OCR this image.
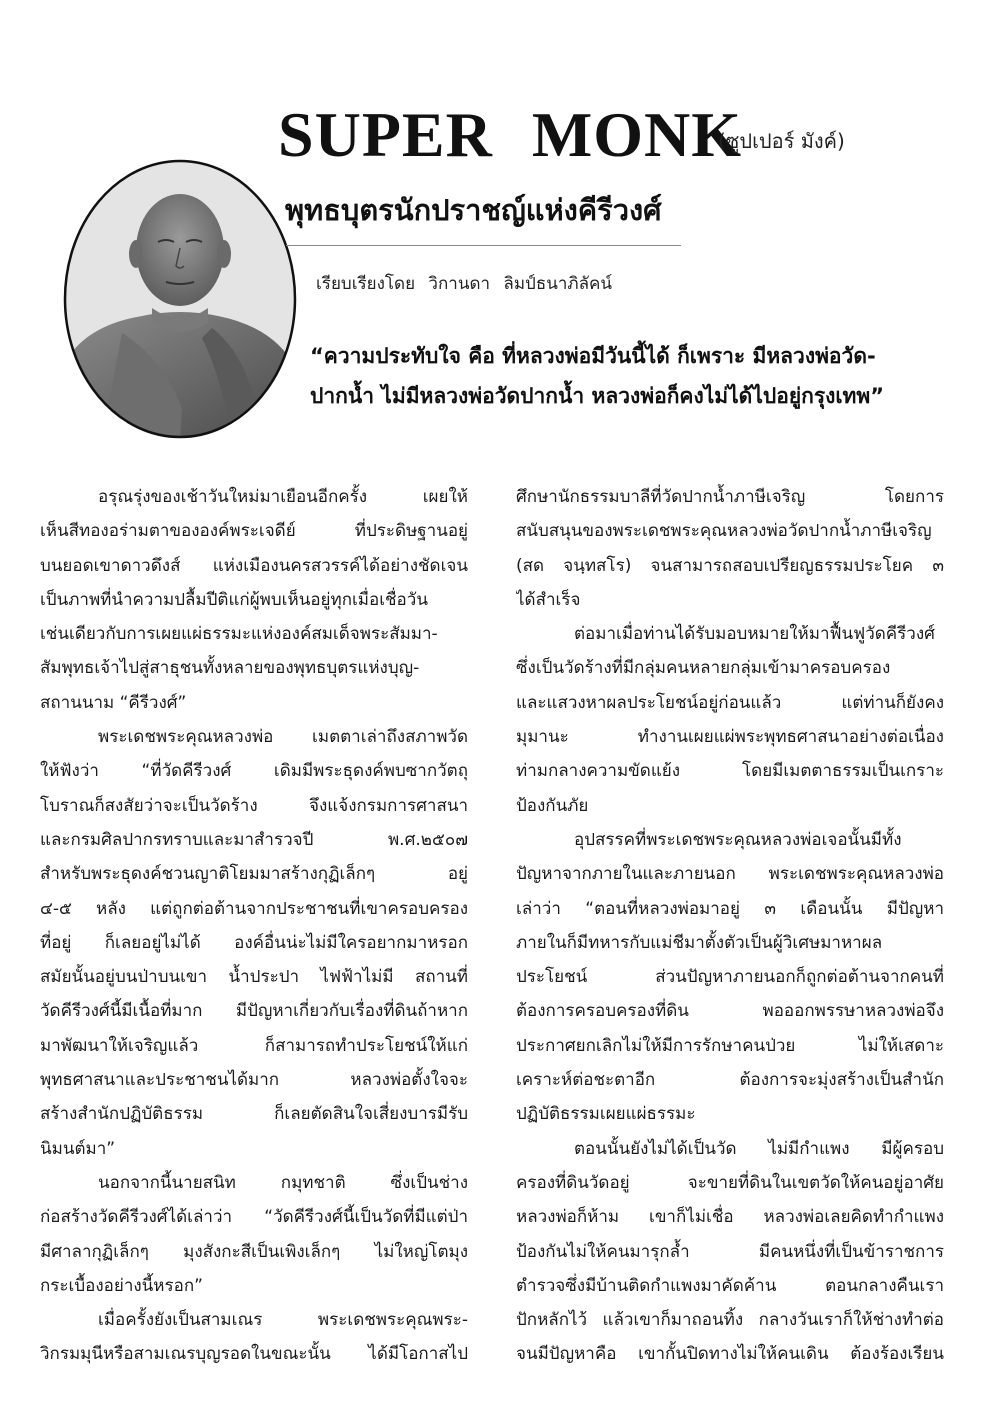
SUPER MONK
(ซูปเปอร์ มังค์)
พุทธบุตรนักปราชญ์แห่งคีรีวงศ์
เรียบเรียงโดย วิกานดา ลิมป์ธนาภิลัคน์
“ความประทับใจ คือ ที่หลวงพ่อมีวันนี้ได้ ก็เพราะ มีหลวงพ่อวัด-
ปากน้ำ ไม่มีหลวงพ่อวัดปากน้ำ หลวงพ่อก็คงไม่ได้ไปอยู่กรุงเทพ”
อรุณรุ่งของเช้าวันใหม่มาเยือนอีกครั้ง เผยให้
เห็นสีทองอร่ามตาขององค์พระเจดีย์ ที่ประดิษฐานอยู่
บนยอดเขาดาวดึงส์ แห่งเมืองนครสวรรค์ได้อย่างชัดเจน
เป็นภาพที่นำความปลื้มปีติแก่ผู้พบเห็นอยู่ทุกเมื่อเชื่อวัน
เช่นเดียวกับการเผยแผ่ธรรมะแห่งองค์สมเด็จพระสัมมา-
สัมพุทธเจ้าไปสู่สาธุชนทั้งหลายของพุทธบุตรแห่งบุญ-
สถานนาม “คีรีวงศ์”
พระเดชพระคุณหลวงพ่อ เมตตาเล่าถึงสภาพวัด
ให้ฟังว่า “ที่วัดคีรีวงศ์ เดิมมีพระธุดงค์พบซากวัตถุ
โบราณก็สงสัยว่าจะเป็นวัดร้าง จึงแจ้งกรมการศาสนา
และกรมศิลปากรทราบและมาสำรวจปี พ.ศ.๒๕๐๗
สำหรับพระธุดงค์ชวนญาติโยมมาสร้างกุฏิเล็กๆ อยู่
๔-๕ หลัง แต่ถูกต่อต้านจากประชาชนที่เขาครอบครอง
ที่อยู่ ก็เลยอยู่ไม่ได้ องค์อื่นน่ะไม่มีใครอยากมาหรอก
สมัยนั้นอยู่บนป่าบนเขา น้ำประปา ไฟฟ้าไม่มี สถานที่
วัดคีรีวงศ์นี้มีเนื้อที่มาก มีปัญหาเกี่ยวกับเรื่องที่ดินถ้าหาก
มาพัฒนาให้เจริญแล้ว ก็สามารถทำประโยชน์ให้แก่
พุทธศาสนาและประชาชนได้มาก หลวงพ่อตั้งใจจะ
สร้างสำนักปฏิบัติธรรม ก็เลยตัดสินใจเสี่ยงบารมีรับ
นิมนต์มา”
นอกจากนี้นายสนิท กมุทชาติ ซึ่งเป็นช่าง
ก่อสร้างวัดคีรีวงศ์ได้เล่าว่า “วัดคีรีวงศ์นี้เป็นวัดที่มีแต่ป่า
มีศาลากุฏิเล็กๆ มุงสังกะสีเป็นเพิงเล็กๆ ไม่ใหญ่โตมุง
กระเบื้องอย่างนี้หรอก”
เมื่อครั้งยังเป็นสามเณร พระเดชพระคุณพระ-
วิกรมมุนีหรือสามเณรบุญรอดในขณะนั้น ได้มีโอกาสไป
ศึกษานักธรรมบาลีที่วัดปากน้ำภาษีเจริญ โดยการ
สนับสนุนของพระเดชพระคุณหลวงพ่อวัดปากน้ำภาษีเจริญ
(สด จนฺทสโร) จนสามารถสอบเปรียญธรรมประโยค ๓
ได้สำเร็จ
ต่อมาเมื่อท่านได้รับมอบหมายให้มาฟื้นฟูวัดคีรีวงศ์
ซึ่งเป็นวัดร้างที่มีกลุ่มคนหลายกลุ่มเข้ามาครอบครอง
และแสวงหาผลประโยชน์อยู่ก่อนแล้ว แต่ท่านก็ยังคง
มุมานะ ทำงานเผยแผ่พระพุทธศาสนาอย่างต่อเนื่อง
ท่ามกลางความขัดแย้ง โดยมีเมตตาธรรมเป็นเกราะ
ป้องกันภัย
อุปสรรคที่พระเดชพระคุณหลวงพ่อเจอนั้นมีทั้ง
ปัญหาจากภายในและภายนอก พระเดชพระคุณหลวงพ่อ
เล่าว่า “ตอนที่หลวงพ่อมาอยู่ ๓ เดือนนั้น มีปัญหา
ภายในก็มีทหารกับแม่ชีมาตั้งตัวเป็นผู้วิเศษมาหาผล
ประโยชน์ ส่วนปัญหาภายนอกก็ถูกต่อต้านจากคนที่
ต้องการครอบครองที่ดิน พอออกพรรษาหลวงพ่อจึง
ประกาศยกเลิกไม่ให้มีการรักษาคนป่วย ไม่ให้เสดาะ
เคราะห์ต่อชะตาอีก ต้องการจะมุ่งสร้างเป็นสำนัก
ปฏิบัติธรรมเผยแผ่ธรรมะ
ตอนนั้นยังไม่ได้เป็นวัด ไม่มีกำแพง มีผู้ครอบ
ครองที่ดินวัดอยู่ จะขายที่ดินในเขตวัดให้คนอยู่อาศัย
หลวงพ่อก็ห้าม เขาก็ไม่เชื่อ หลวงพ่อเลยคิดทำกำแพง
ป้องกันไม่ให้คนมารุกล้ำ มีคนหนึ่งที่เป็นข้าราชการ
ตำรวจซึ่งมีบ้านติดกำแพงมาคัดค้าน ตอนกลางคืนเรา
ปักหลักไว้ แล้วเขาก็มาถอนทิ้ง กลางวันเราก็ให้ช่างทำต่อ
จนมีปัญหาคือ เขากั้นปิดทางไม่ให้คนเดิน ต้องร้องเรียน
